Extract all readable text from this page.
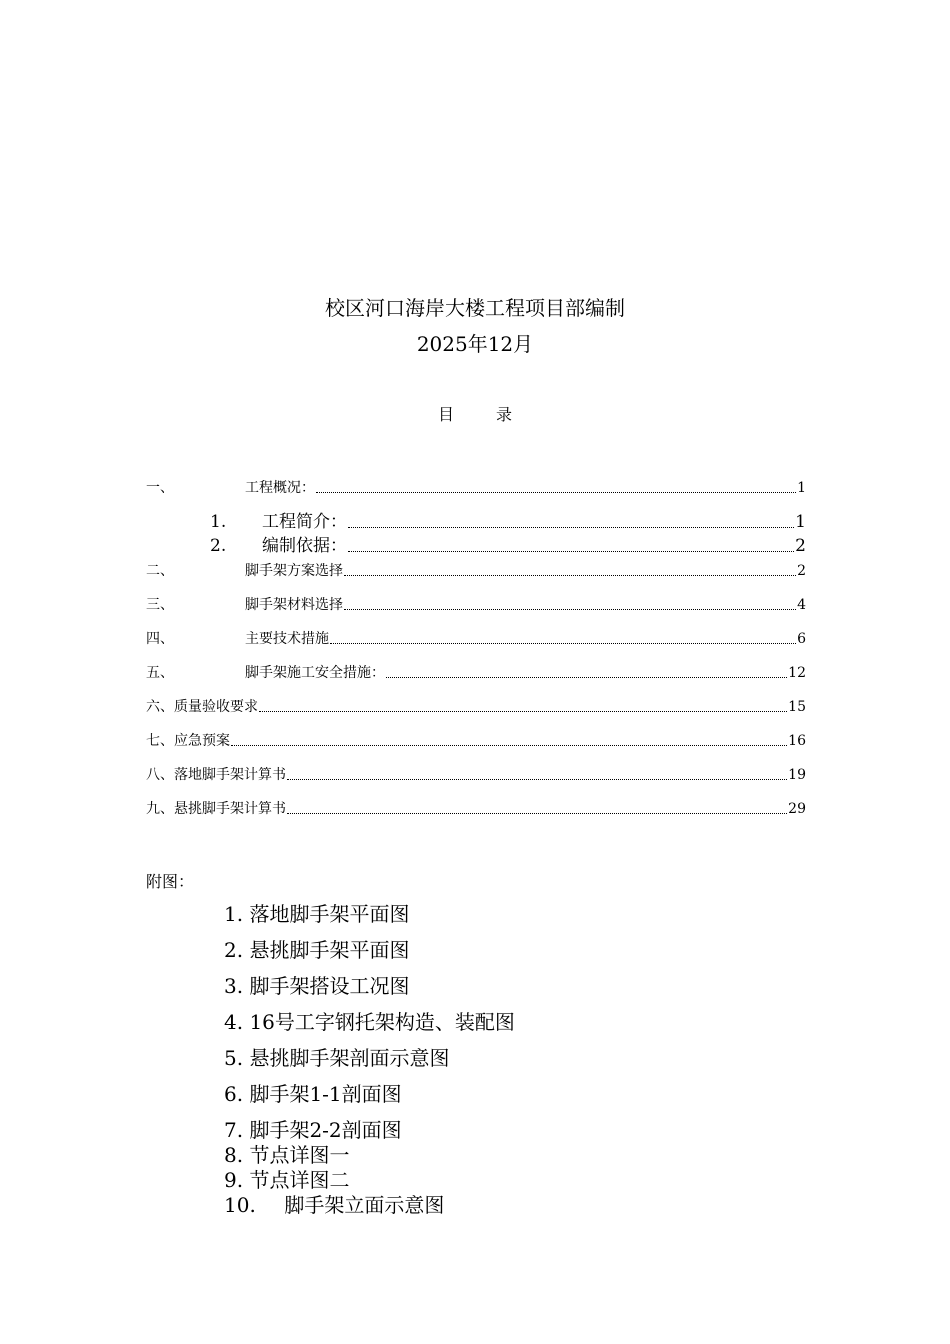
校区河口海岸大楼工程项目部编制
2025年12月
目	录
一、	工程概况：	1
1. 工程简介：	1
2. 编制依据：	2
二、	脚手架方案选择	2
三、	脚手架材料选择	4
四、	主要技术措施	6
五、	脚手架施工安全措施：	12
六、质量验收要求	15
七、应急预案	16
八、落地脚手架计算书	19
九、悬挑脚手架计算书	29
附图：
1. 落地脚手架平面图
2. 悬挑脚手架平面图
3. 脚手架搭设工况图
4. 16号工字钢托架构造、装配图
5. 悬挑脚手架剖面示意图
6. 脚手架1-1剖面图
7. 脚手架2-2剖面图
8. 节点详图一
9. 节点详图二
10. 脚手架立面示意图
